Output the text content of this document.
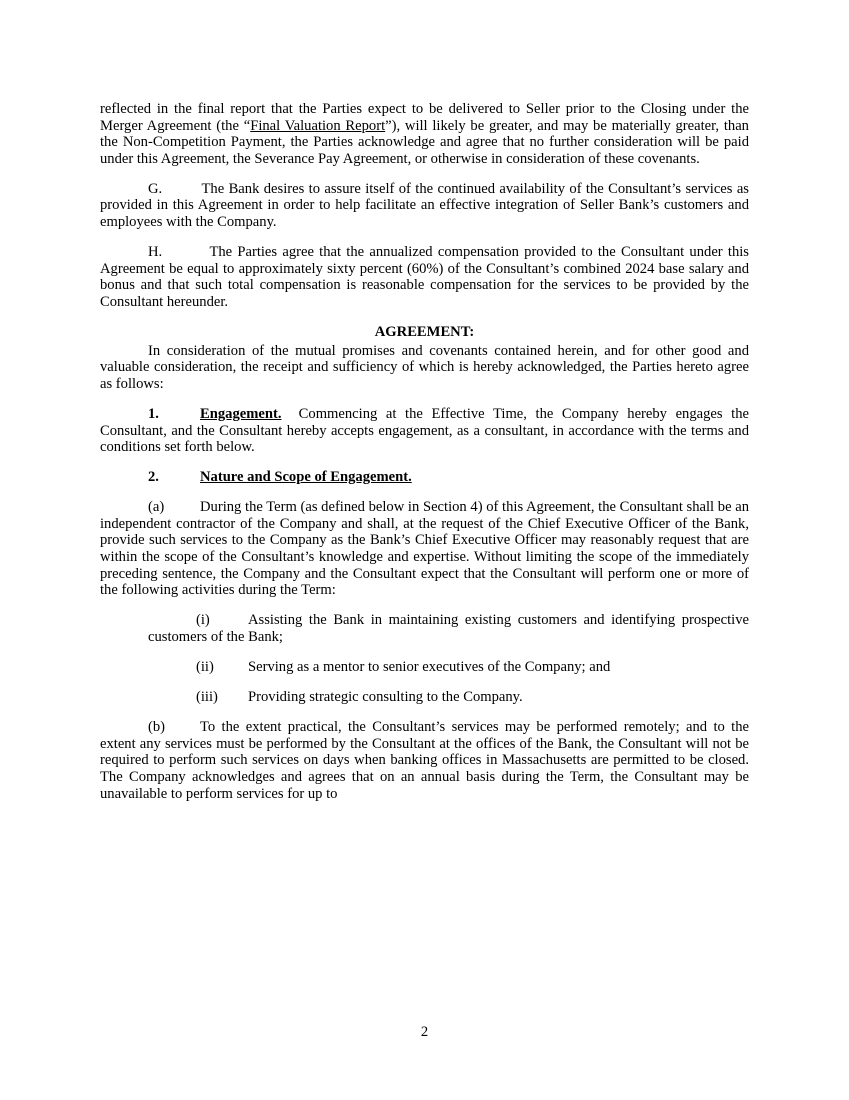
reflected in the final report that the Parties expect to be delivered to Seller prior to the Closing under the Merger Agreement (the “Final Valuation Report”), will likely be greater, and may be materially greater, than the Non-Competition Payment, the Parties acknowledge and agree that no further consideration will be paid under this Agreement, the Severance Pay Agreement, or otherwise in consideration of these covenants.

G.	The Bank desires to assure itself of the continued availability of the Consultant’s services as provided in this Agreement in order to help facilitate an effective integration of Seller Bank’s customers and employees with the Company.

H.	The Parties agree that the annualized compensation provided to the Consultant under this Agreement be equal to approximately sixty percent (60%) of the Consultant’s combined 2024 base salary and bonus and that such total compensation is reasonable compensation for the services to be provided by the Consultant hereunder.

AGREEMENT:

In consideration of the mutual promises and covenants contained herein, and for other good and valuable consideration, the receipt and sufficiency of which is hereby acknowledged, the Parties hereto agree as follows:

1.	Engagement. Commencing at the Effective Time, the Company hereby engages the Consultant, and the Consultant hereby accepts engagement, as a consultant, in accordance with the terms and conditions set forth below.

2.	Nature and Scope of Engagement.

(a) During the Term (as defined below in Section 4) of this Agreement, the Consultant shall be an independent contractor of the Company and shall, at the request of the Chief Executive Officer of the Bank, provide such services to the Company as the Bank’s Chief Executive Officer may reasonably request that are within the scope of the Consultant’s knowledge and expertise. Without limiting the scope of the immediately preceding sentence, the Company and the Consultant expect that the Consultant will perform one or more of the following activities during the Term:

(i)	Assisting the Bank in maintaining existing customers and identifying prospective customers of the Bank;

(ii) Serving as a mentor to senior executives of the Company; and

(iii) Providing strategic consulting to the Company.

(b) To the extent practical, the Consultant’s services may be performed remotely; and to the extent any services must be performed by the Consultant at the offices of the Bank, the Consultant will not be required to perform such services on days when banking offices in Massachusetts are permitted to be closed. The Company acknowledges and agrees that on an annual basis during the Term, the Consultant may be unavailable to perform services for up to

2
